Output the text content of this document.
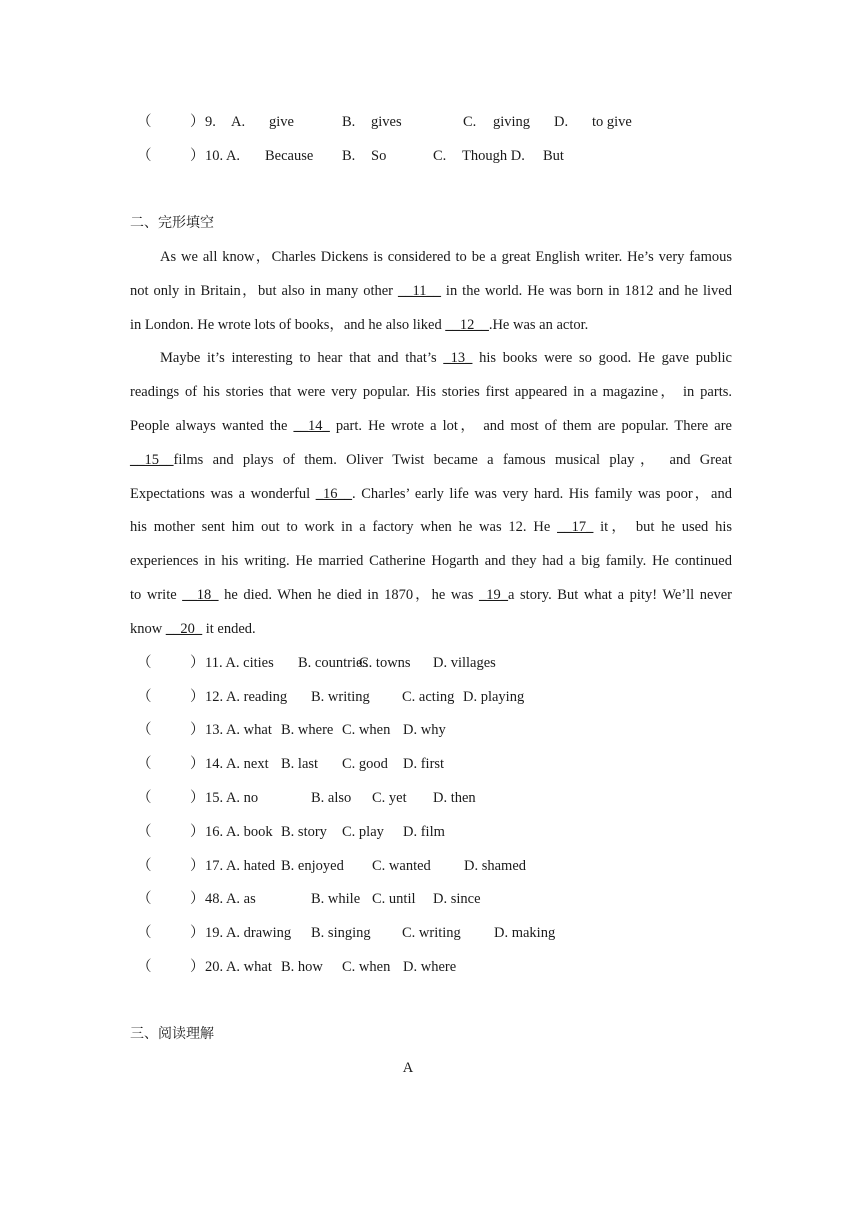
（	） 9. A. give	B. gives	C. giving D. to give
（	） 10. A. Because B. So	C. Though D. But
二、完形填空
As we all know，Charles Dickens is considered to be a great English writer. He’s very famous
not only in Britain，but also in many other __11__ in the world. He was born in 1812 and he lived
in London. He wrote lots of books，and he also liked __12__.He was an actor.
Maybe it’s interesting to hear that and that’s _13_ his books were so good. He gave public
readings of his stories that were very popular. His stories first appeared in a magazine， in parts.
People always wanted the __14_ part. He wrote a lot， and most of them are popular. There are
__15__films and plays of them. Oliver Twist became a famous musical play， and Great
Expectations was a wonderful _16__. Charles’ early life was very hard. His family was poor，and
his mother sent him out to work in a factory when he was 12. He __17_ it， but he used his
experiences in his writing. He married Catherine Hogarth and they had a big family. He continued
to write __18_ he died. When he died in 1870，he was _19_a story. But what a pity! We’ll never
know __20_ it ended.
（	） 11. A. cities B. countries
C. towns D. villages
（	） 12. A. reading B. writing C. acting D. playing
（	） 13. A. what B. where C. when D. why
（	） 14. A. next B. last C. good D. first
（	） 15. A. no	B. also C. yet D. then
（	） 16. A. book B. story C. play D. film
（	） 17. A. hated B. enjoyed C. wanted D. shamed
（	） 48. A. as	B. while C. until D. since
（	） 19. A. drawing B. singing C. writing D. making
（	） 20. A. what B. how C. when D. where
三、阅读理解
A
